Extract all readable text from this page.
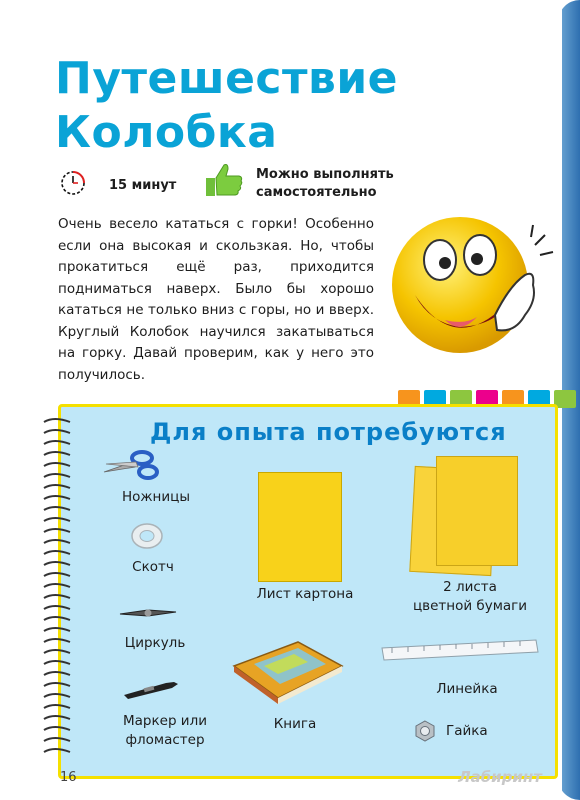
Путешествие Колобка
15 минут
Можно выполнять
самостоятельно

Очень весело кататься с горки! Особенно если она высокая и скользкая. Но, чтобы прокатиться ещё раз, приходится подниматься наверх. Было бы хорошо кататься не только вниз с горы, но и вверх. Круглый Колобок научился закатываться на горку. Давай проверим, как у него это получилось.

Для опыта потребуются
Ножницы
Скотч
Циркуль
Маркер или
фломастер
Лист картона
Книга
2 листа
цветной бумаги
Линейка
Гайка
16	Лабиринт
